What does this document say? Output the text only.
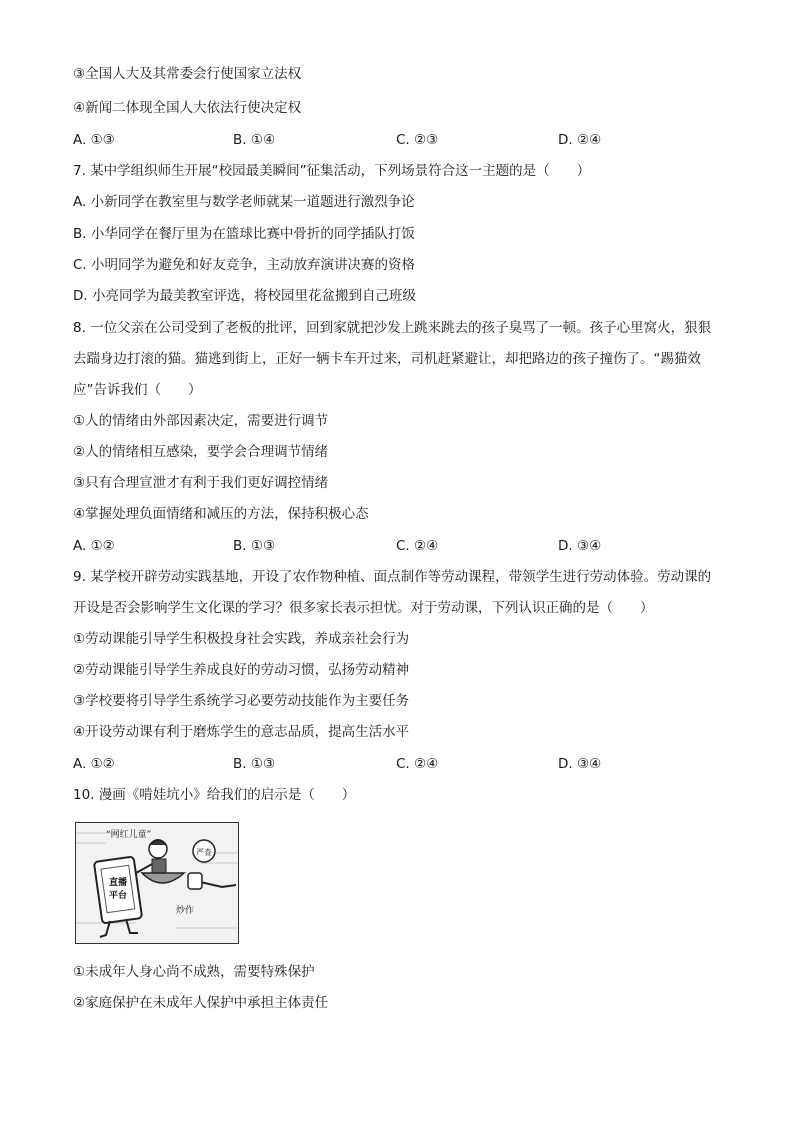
③全国人大及其常委会行使国家立法权
④新闻二体现全国人大依法行使决定权
A. ①③	B. ①④	C. ②③	D. ②④
7. 某中学组织师生开展“校园最美瞬间”征集活动，下列场景符合这一主题的是（　　）
A. 小新同学在教室里与数学老师就某一道题进行激烈争论
B. 小华同学在餐厅里为在篮球比赛中骨折的同学插队打饭
C. 小明同学为避免和好友竞争，主动放弃演讲决赛的资格
D. 小亮同学为最美教室评选，将校园里花盆搬到自己班级
8. 一位父亲在公司受到了老板的批评，回到家就把沙发上跳来跳去的孩子臭骂了一顿。孩子心里窝火，狠狠去踹身边打滚的猫。猫逃到街上，正好一辆卡车开过来，司机赶紧避让，却把路边的孩子撞伤了。“踢猫效应”告诉我们（　　）
①人的情绪由外部因素决定，需要进行调节
②人的情绪相互感染，要学会合理调节情绪
③只有合理宣泄才有利于我们更好调控情绪
④掌握处理负面情绪和减压的方法，保持积极心态
A. ①②	B. ①③	C. ②④	D. ③④
9. 某学校开辟劳动实践基地，开设了农作物种植、面点制作等劳动课程，带领学生进行劳动体验。劳动课的开设是否会影响学生文化课的学习？很多家长表示担忧。对于劳动课，下列认识正确的是（　　）
①劳动课能引导学生积极投身社会实践，养成亲社会行为
②劳动课能引导学生养成良好的劳动习惯，弘扬劳动精神
③学校要将引导学生系统学习必要劳动技能作为主要任务
④开设劳动课有利于磨炼学生的意志品质，提高生活水平
A. ①②	B. ①③	C. ②④	D. ③④
10. 漫画《啃娃坑小》给我们的启示是（　　）
“网红儿童”
直播
平台
严查
炒作
①未成年人身心尚不成熟，需要特殊保护
②家庭保护在未成年人保护中承担主体责任
